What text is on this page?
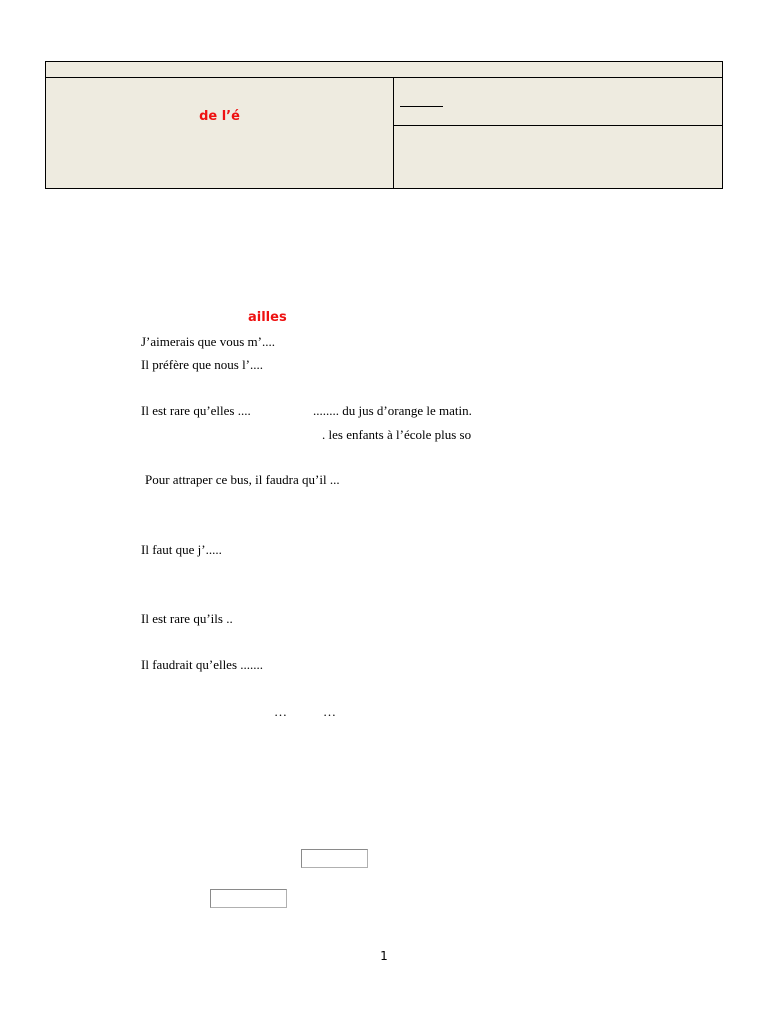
de l’é
ailles
J’aimerais que vous m’....
Il préfère que nous l’....
Il est rare qu’elles ....	........ du jus d’orange le matin.
. les enfants à l’école plus so
Pour attraper ce bus, il faudra qu’il ...
Il faut que j’.....
Il est rare qu’ils ..
Il faudrait qu’elles .......
…	…
1
